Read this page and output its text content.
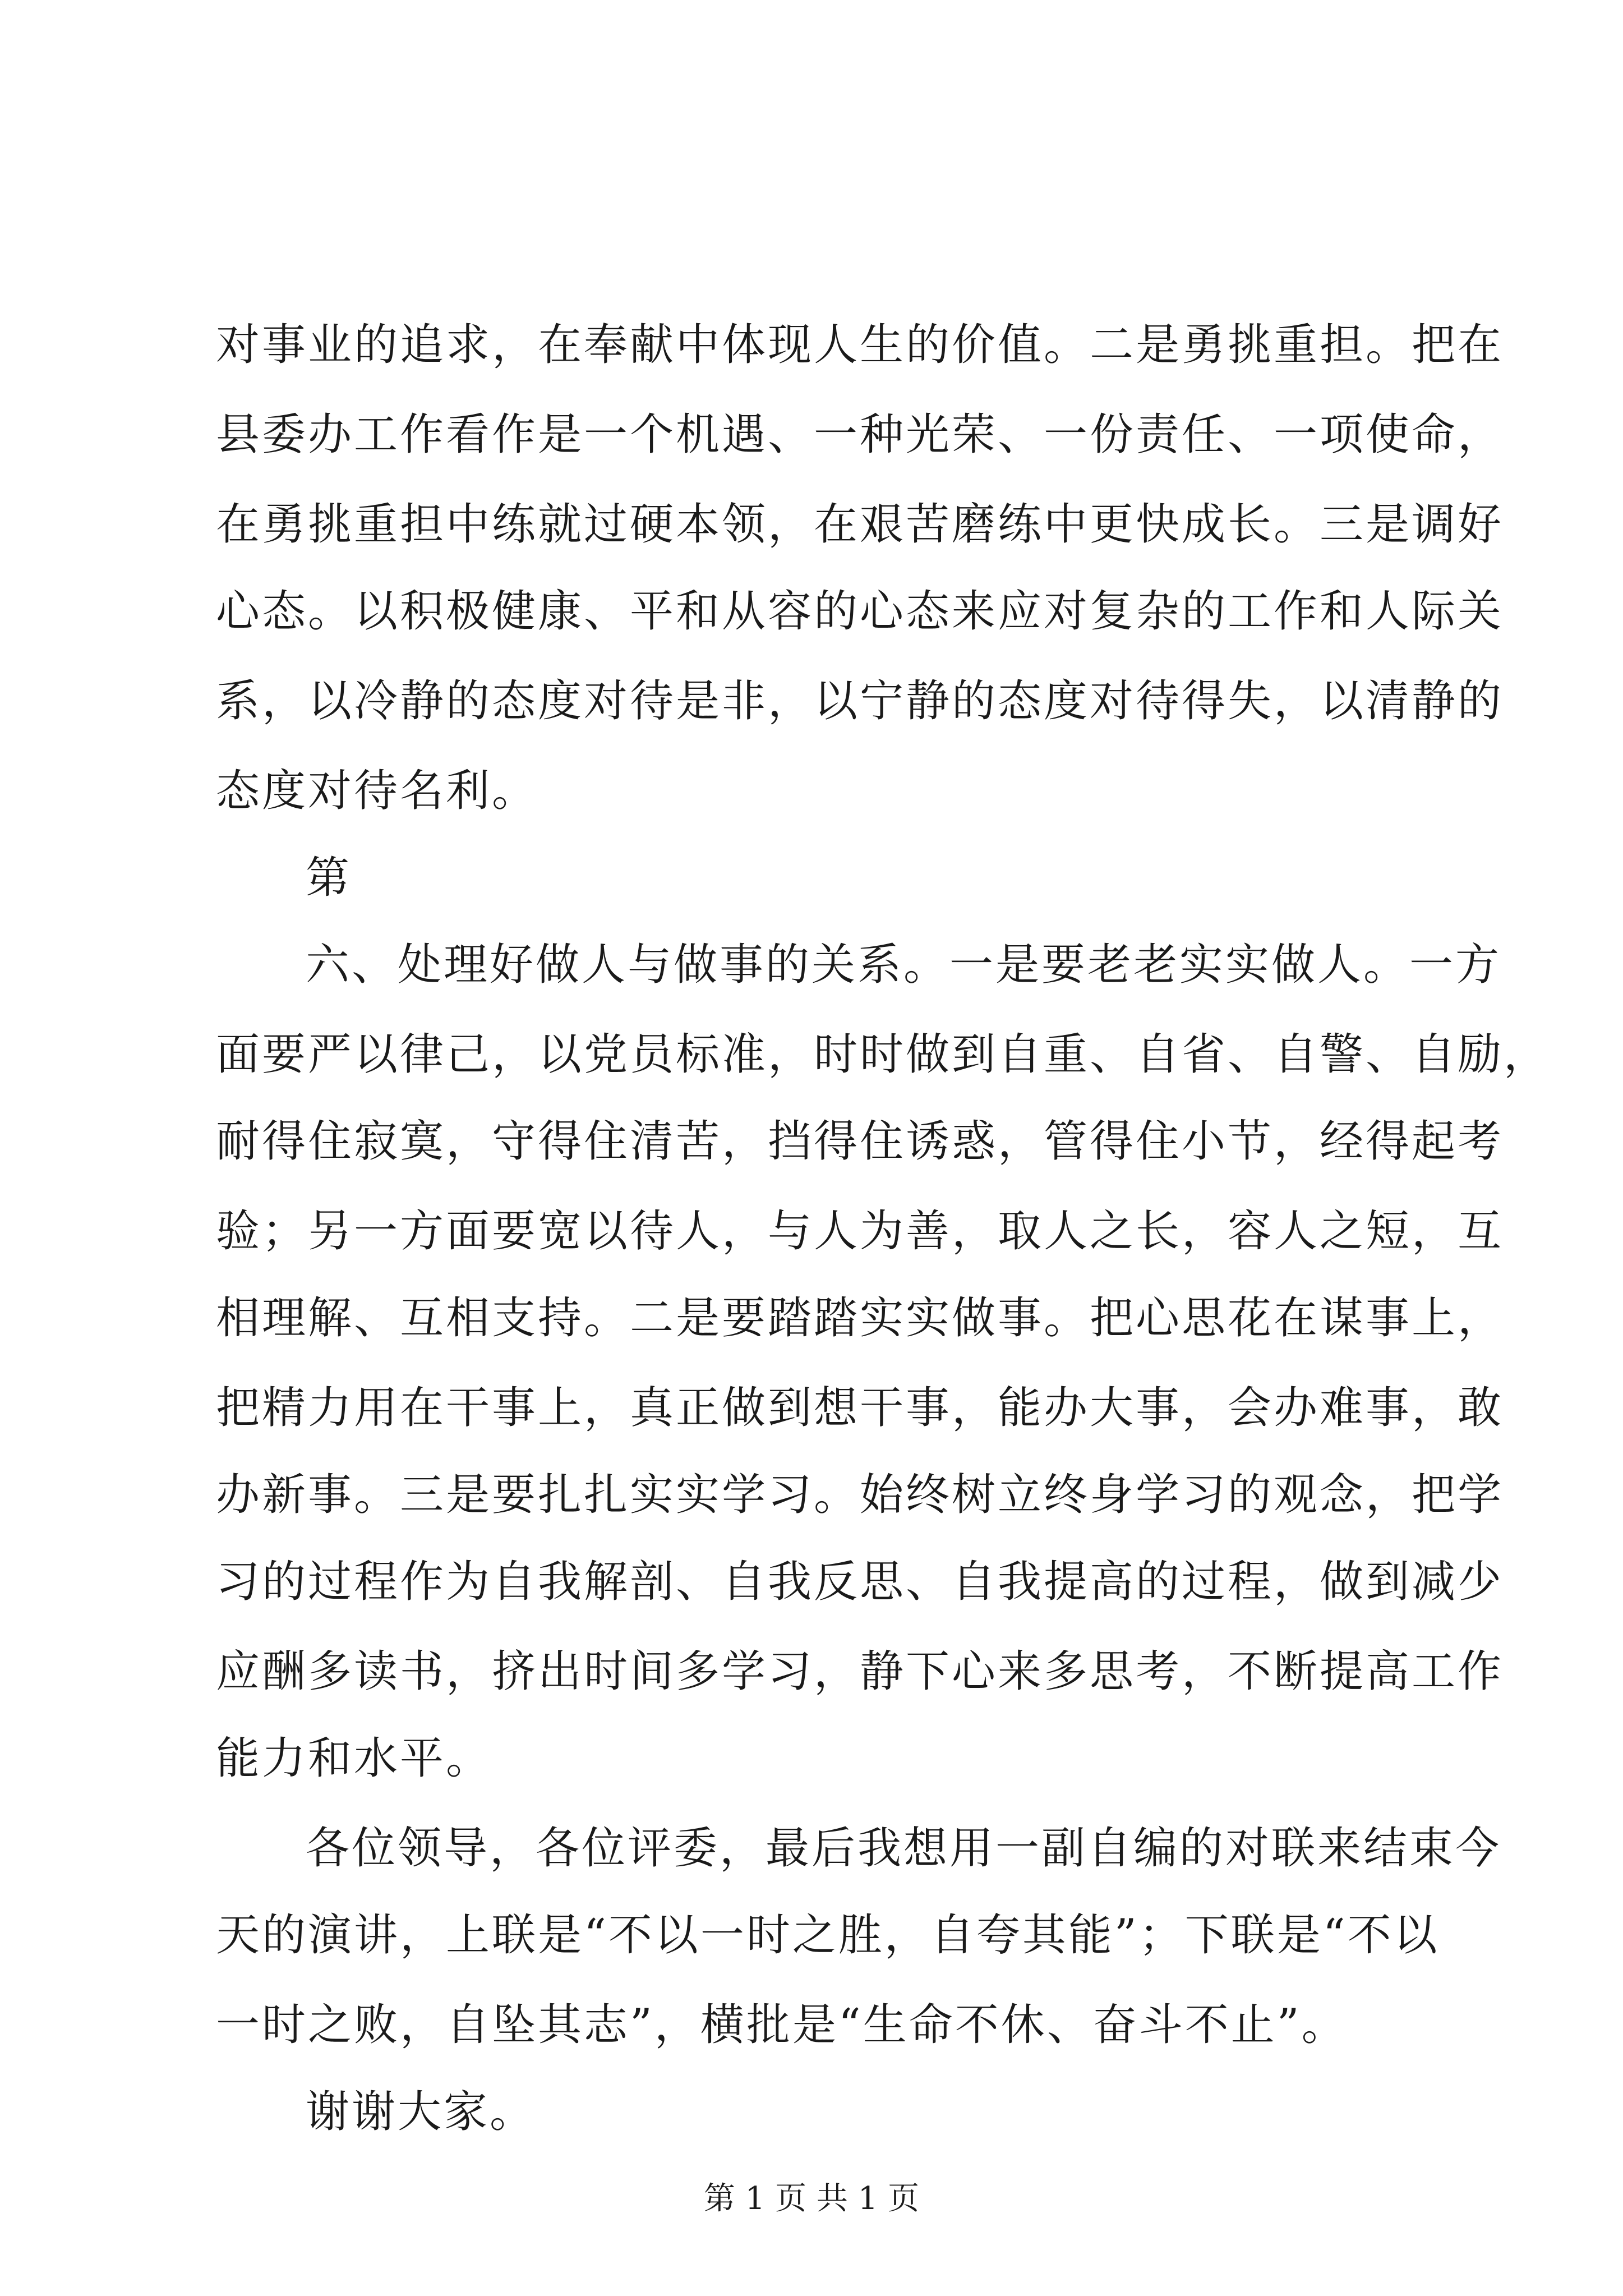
对事业的追求，在奉献中体现人生的价值。二是勇挑重担。把在
县委办工作看作是一个机遇、一种光荣、一份责任、一项使命，
在勇挑重担中练就过硬本领，在艰苦磨练中更快成长。三是调好
心态。以积极健康、平和从容的心态来应对复杂的工作和人际关
系，以冷静的态度对待是非，以宁静的态度对待得失，以清静的
态度对待名利。
第
六、处理好做人与做事的关系。一是要老老实实做人。一方
面要严以律己，以党员标准，时时做到自重、自省、自警、自励，
耐得住寂寞，守得住清苦，挡得住诱惑，管得住小节，经得起考
验；另一方面要宽以待人，与人为善，取人之长，容人之短，互
相理解、互相支持。二是要踏踏实实做事。把心思花在谋事上，
把精力用在干事上，真正做到想干事，能办大事，会办难事，敢
办新事。三是要扎扎实实学习。始终树立终身学习的观念，把学
习的过程作为自我解剖、自我反思、自我提高的过程，做到减少
应酬多读书，挤出时间多学习，静下心来多思考，不断提高工作
能力和水平。
各位领导，各位评委，最后我想用一副自编的对联来结束今
天的演讲，上联是“不以一时之胜，自夸其能”；下联是“不以
一时之败，自坠其志”，横批是“生命不休、奋斗不止”。
谢谢大家。
第 1 页 共 1 页
